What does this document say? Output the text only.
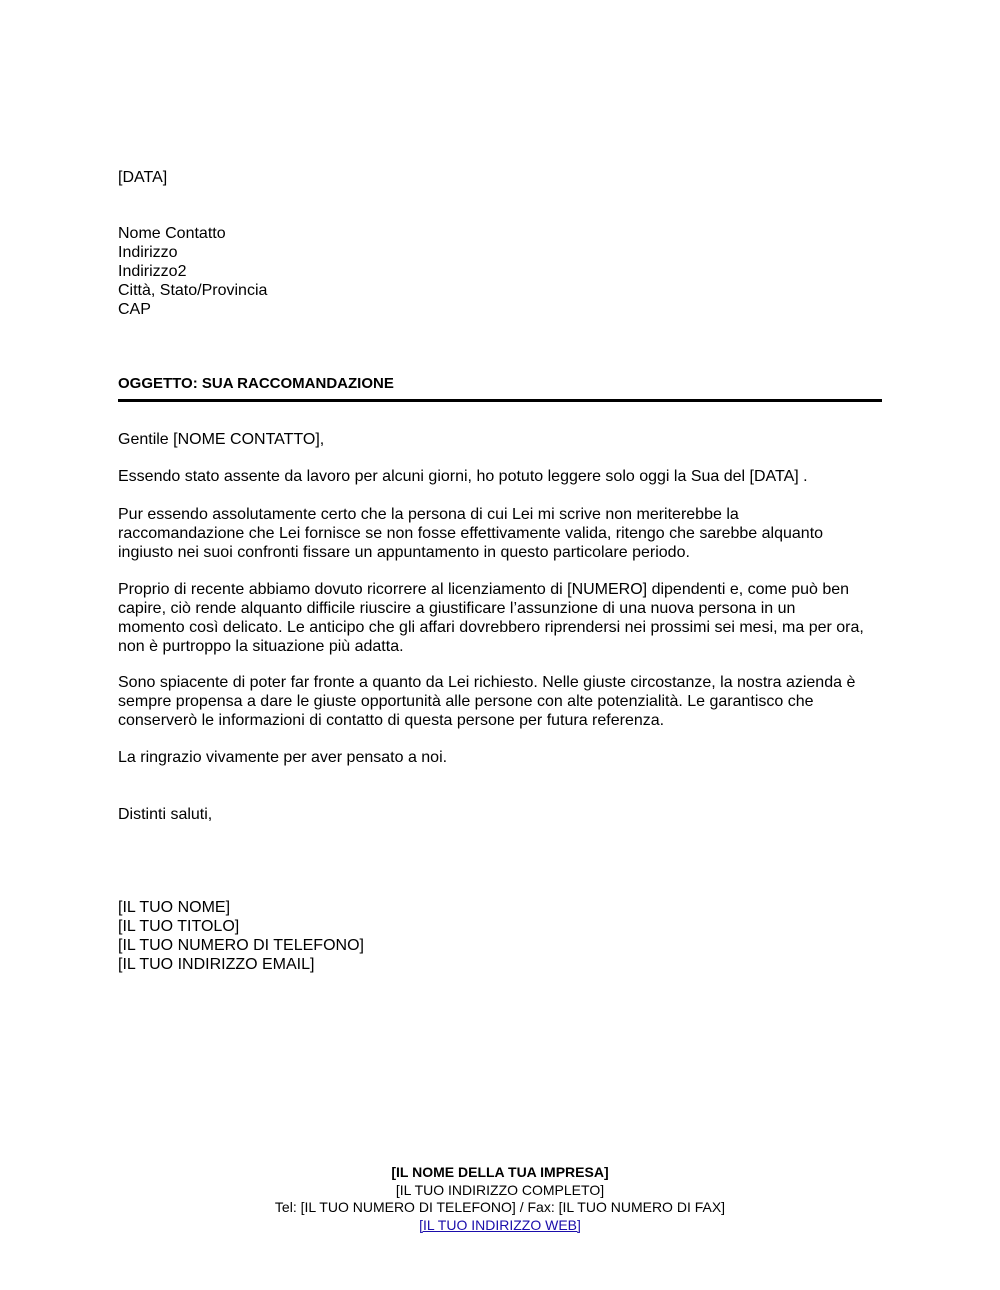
[DATA]
Nome Contatto
Indirizzo
Indirizzo2
Città, Stato/Provincia
CAP
OGGETTO: SUA RACCOMANDAZIONE
Gentile [NOME CONTATTO],
Essendo stato assente da lavoro per alcuni giorni, ho potuto leggere solo oggi la Sua del [DATA] .
Pur essendo assolutamente certo che la persona di cui Lei mi scrive non meriterebbe la
raccomandazione che Lei fornisce se non fosse effettivamente valida, ritengo che sarebbe alquanto
ingiusto nei suoi confronti fissare un appuntamento in questo particolare periodo.
Proprio di recente abbiamo dovuto ricorrere al licenziamento di [NUMERO] dipendenti e, come può ben
capire, ciò rende alquanto difficile riuscire a giustificare l’assunzione di una nuova persona in un
momento così delicato. Le anticipo che gli affari dovrebbero riprendersi nei prossimi sei mesi, ma per ora,
non è purtroppo la situazione più adatta.
Sono spiacente di poter far fronte a quanto da Lei richiesto. Nelle giuste circostanze, la nostra azienda è
sempre propensa a dare le giuste opportunità alle persone con alte potenzialità. Le garantisco che
conserverò le informazioni di contatto di questa persone per futura referenza.
La ringrazio vivamente per aver pensato a noi.
Distinti saluti,
[IL TUO NOME]
[IL TUO TITOLO]
[IL TUO NUMERO DI TELEFONO]
[IL TUO INDIRIZZO EMAIL]
[IL NOME DELLA TUA IMPRESA]
[IL TUO INDIRIZZO COMPLETO]
Tel: [IL TUO NUMERO DI TELEFONO] / Fax: [IL TUO NUMERO DI FAX]
[IL TUO INDIRIZZO WEB]
